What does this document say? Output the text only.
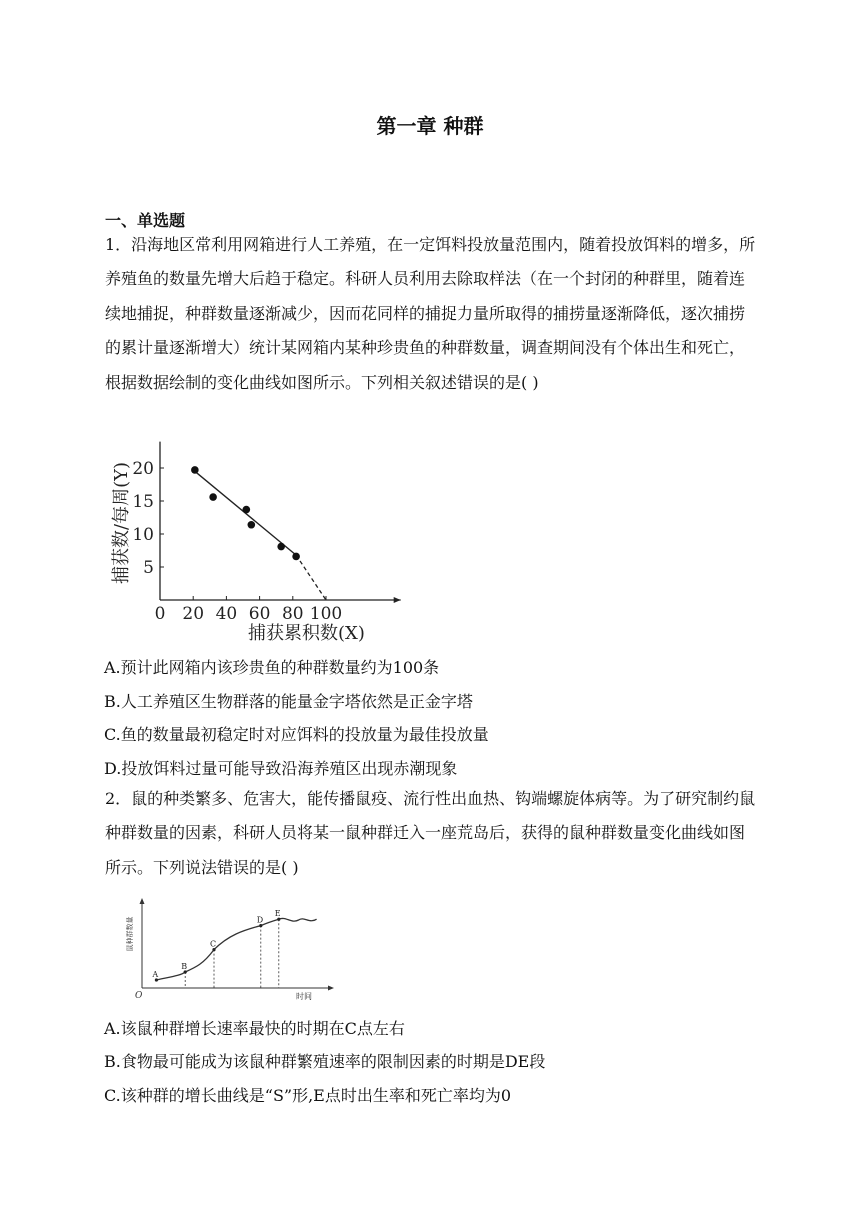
第一章 种群
一、单选题

1．沿海地区常利用网箱进行人工养殖，在一定饵料投放量范围内，随着投放饵料的增多，所养殖鱼的数量先增大后趋于稳定。科研人员利用去除取样法（在一个封闭的种群里，随着连续地捕捉，种群数量逐渐减少，因而花同样的捕捉力量所取得的捕捞量逐渐降低，逐次捕捞的累计量逐渐增大）统计某网箱内某种珍贵鱼的种群数量，调查期间没有个体出生和死亡，根据数据绘制的变化曲线如图所示。下列相关叙述错误的是( )

0 20 40 60 80 100
5
10
15
20
捕获累积数(X)
捕获数/每周(Y)
A.预计此网箱内该珍贵鱼的种群数量约为100条
B.人工养殖区生物群落的能量金字塔依然是正金字塔
C.鱼的数量最初稳定时对应饵料的投放量为最佳投放量
D.投放饵料过量可能导致沿海养殖区出现赤潮现象

2．鼠的种类繁多、危害大，能传播鼠疫、流行性出血热、钩端螺旋体病等。为了研究制约鼠种群数量的因素，科研人员将某一鼠种群迁入一座荒岛后，获得的鼠种群数量变化曲线如图所示。下列说法错误的是( )

A
B
C
D
E
O	时间
鼠种群数量
A.该鼠种群增长速率最快的时期在C点左右
B.食物最可能成为该鼠种群繁殖速率的限制因素的时期是DE段
C.该种群的增长曲线是“S”形,E点时出生率和死亡率均为0
